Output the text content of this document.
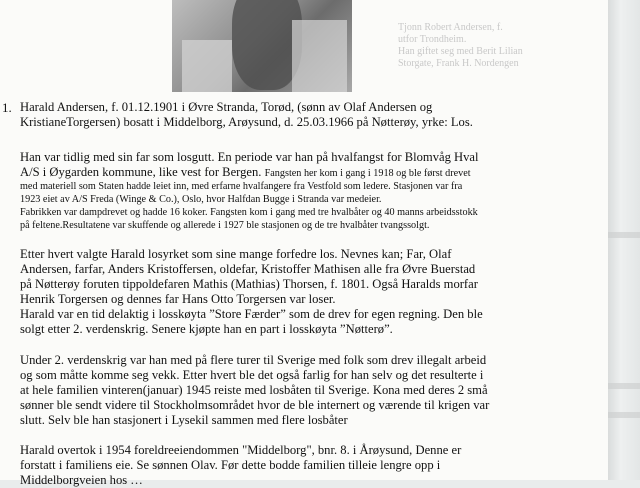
Tjonn Robert Andersen, f.
utfor Trondheim.
Han giftet seg med Berit Lilian
Storgate, Frank H. Nordengen
1. Harald Andersen, f. 01.12.1901 i Øvre Stranda, Torød, (sønn av Olaf Andersen og
KristianeTorgersen) bosatt i Middelborg, Arøysund, d. 25.03.1966 på Nøtterøy, yrke: Los.
Han var tidlig med sin far som losgutt. En periode var han på hvalfangst for Blomvåg Hval
A/S i Øygarden kommune, like vest for Bergen. Fangsten her kom i gang i 1918 og ble først drevet
med materiell som Staten hadde leiet inn, med erfarne hvalfangere fra Vestfold som ledere. Stasjonen var fra
1923 eiet av A/S Freda (Winge & Co.), Oslo, hvor Halfdan Bugge i Stranda var medeier.
Fabrikken var dampdrevet og hadde 16 koker. Fangsten kom i gang med tre hvalbåter og 40 manns arbeidsstokk
på feltene.Resultatene var skuffende og allerede i 1927 ble stasjonen og de tre hvalbåter tvangssolgt.
Etter hvert valgte Harald losyrket som sine mange forfedre los. Nevnes kan; Far, Olaf
Andersen, farfar, Anders Kristoffersen, oldefar, Kristoffer Mathisen alle fra Øvre Buerstad
på Nøtterøy foruten tippoldefaren Mathis (Mathias) Thorsen, f. 1801. Også Haralds morfar
Henrik Torgersen og dennes far Hans Otto Torgersen var loser.
Harald var en tid delaktig i losskøyta ”Store Færder” som de drev for egen regning. Den ble
solgt etter 2. verdenskrig. Senere kjøpte han en part i losskøyta ”Nøtterø”.
Under 2. verdenskrig var han med på flere turer til Sverige med folk som drev illegalt arbeid
og som måtte komme seg vekk. Etter hvert ble det også farlig for han selv og det resulterte i
at hele familien vinteren(januar) 1945 reiste med losbåten til Sverige. Kona med deres 2 små
sønner ble sendt videre til Stockholmsområdet hvor de ble internert og værende til krigen var
slutt. Selv ble han stasjonert i Lysekil sammen med flere losbåter
Harald overtok i 1954 foreldreeiendommen "Middelborg", bnr. 8. i Årøysund, Denne er
forstatt i familiens eie. Se sønnen Olav. Før dette bodde familien tilleie lengre opp i
Middelborgveien hos …
